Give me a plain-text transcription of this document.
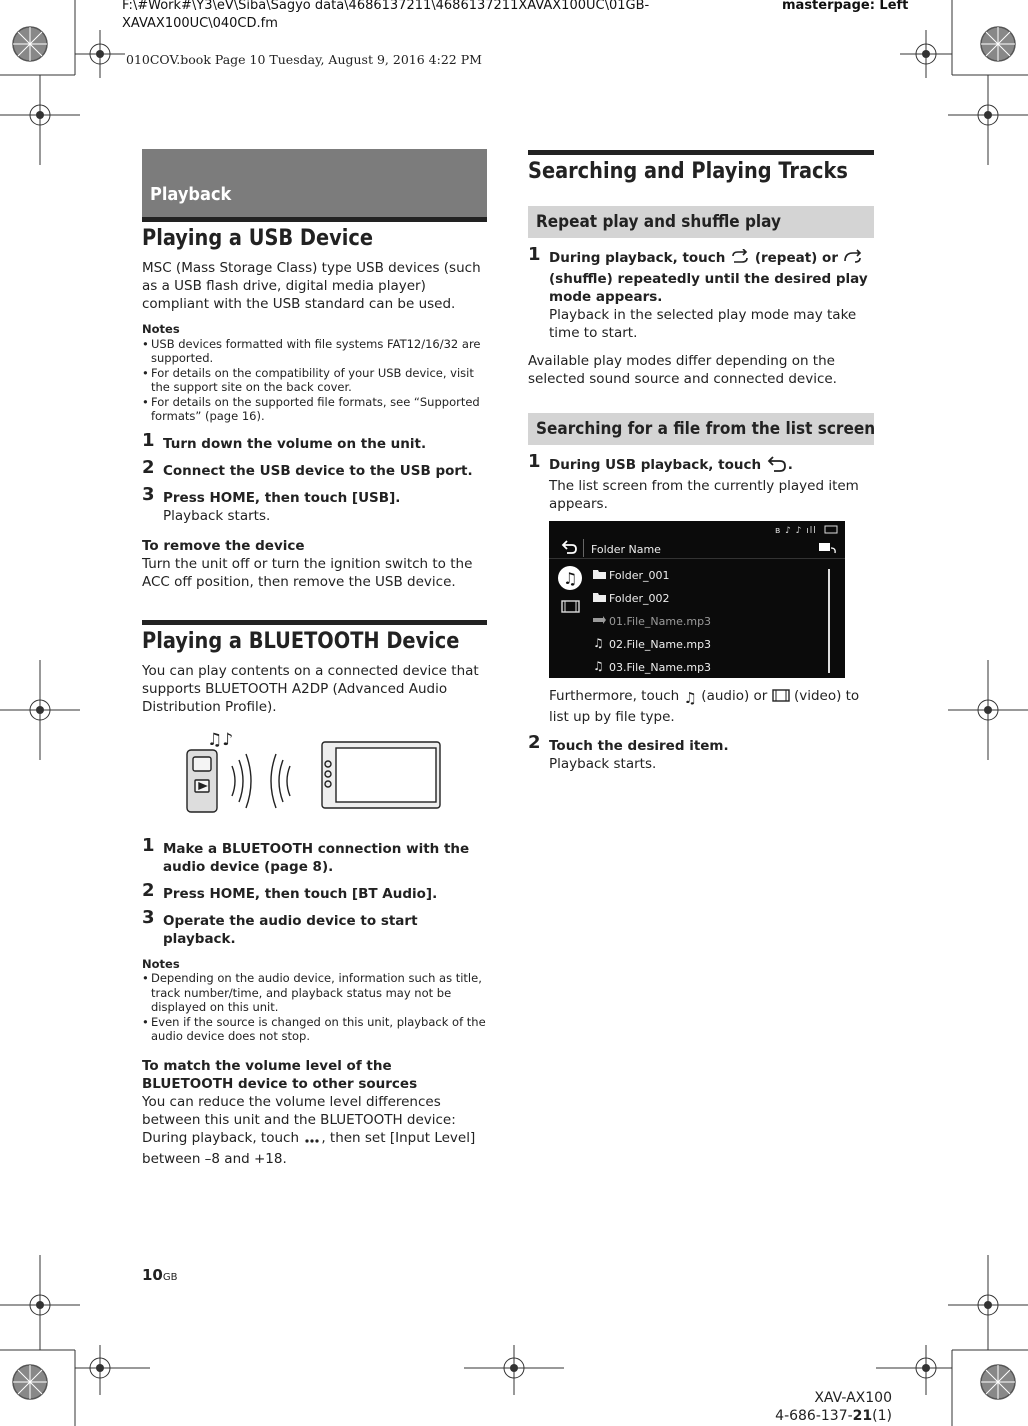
F:\#Work#\Y3\eV\Siba\Sagyo data\4686137211\4686137211XAVAX100UC\01GB-
XAVAX100UC\040CD.fm
masterpage: Left
010COV.book Page 10 Tuesday, August 9, 2016 4:22 PM
Playback
Playing a USB Device
MSC (Mass Storage Class) type USB devices (such as a USB flash drive, digital media player) compliant with the USB standard can be used.
Notes
• USB devices formatted with file systems FAT12/16/32 are supported.
• For details on the compatibility of your USB device, visit the support site on the back cover.
• For details on the supported file formats, see “Supported formats” (page 16).
1 Turn down the volume on the unit.
2 Connect the USB device to the USB port.
3 Press HOME, then touch [USB].
Playback starts.
To remove the device
Turn the unit off or turn the ignition switch to the ACC off position, then remove the USB device.
Playing a BLUETOOTH Device
You can play contents on a connected device that supports BLUETOOTH A2DP (Advanced Audio Distribution Profile).
♫♪
1 Make a BLUETOOTH connection with the audio device (page 8).
2 Press HOME, then touch [BT Audio].
3 Operate the audio device to start playback.
Notes
• Depending on the audio device, information such as title, track number/time, and playback status may not be displayed on this unit.
• Even if the source is changed on this unit, playback of the audio device does not stop.
To match the volume level of the BLUETOOTH device to other sources
You can reduce the volume level differences between this unit and the BLUETOOTH device: During playback, touch , then set [Input Level] between –8 and +18.
Searching and Playing Tracks
Repeat play and shuffle play
1 During playback, touch (repeat) or  (shuffle) repeatedly until the desired play mode appears.
Playback in the selected play mode may take time to start.
Available play modes differ depending on the selected sound source and connected device.
Searching for a file from the list screen
1 During USB playback, touch .
The list screen from the currently played item appears.
ʙ ♪ ♪ ıll
Folder Name
♫	Folder_001
Folder_002
01.File_Name.mp3
♫ 02.File_Name.mp3
♫ 03.File_Name.mp3
Furthermore, touch ♫ (audio) or (video) to list up by file type.
2 Touch the desired item.
Playback starts.
10GB
XAV-AX100
4-686-137-21(1)
